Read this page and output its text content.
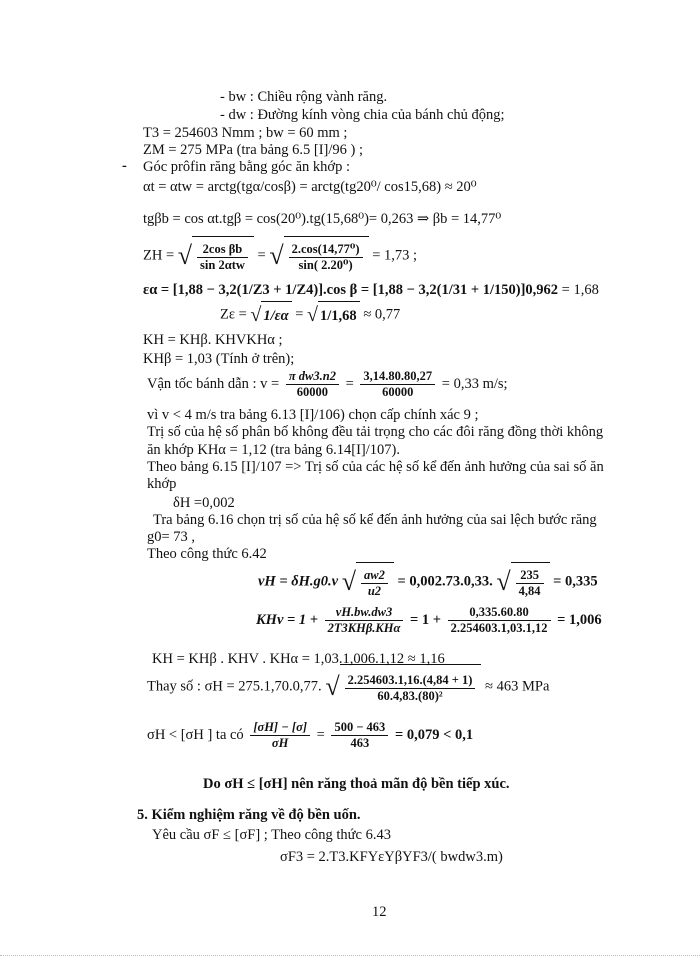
-
- bw : Chiều rộng vành răng.
- dw : Đường kính vòng chia của bánh chủ động;
T3 = 254603 Nmm ; bw = 60 mm ;
ZM = 275 MPa (tra bảng 6.5 [I]/96 ) ;
Góc prôfin răng bằng góc ăn khớp :
αt = αtw = arctg(tgα/cosβ) = arctg(tg20⁰/ cos15,68) ≈ 20⁰
tgβb = cos αt.tgβ = cos(20⁰).tg(15,68⁰)= 0,263 ⇒ βb = 14,77⁰
ZH = √ $\frac{\text{2cos βb}}{\text{sin 2αtw}}$ = √ $\frac{\text{2.cos(14,77⁰)}}{\text{sin( 2.20⁰)}} = 1,73$ ;
εα = [1,88 − 3,2(1/Z3 + 1/Z4)].cos β = [1,88 − 3,2(1/31 + 1/150)]0,962 = 1,68
Zε = √ 1/εα = √ 1/1,68 ≈ 0,77
KH = KHβ. KHVKHα ;
KHβ = 1,03 (Tính ở trên);
Vận tốc bánh dẫn : $v = \frac{\text{π dw3.n2}}{60000} = \frac{3,14.80.80,27}{60000} = 0,33$ m/s;
vì v < 4 m/s tra bảng 6.13 [I]/106) chọn cấp chính xác 9 ;
Trị số của hệ số phân bố không đều tải trọng cho các đôi răng đồng thời không
ăn khớp KHα = 1,12 (tra bảng 6.14[I]/107).
Theo bảng 6.15 [I]/107 => Trị số của các hệ số kể đến ảnh hưởng của sai số ăn
khớp
δH =0,002
Tra bảng 6.16 chọn trị số của hệ số kể đến ảnh hưởng của sai lệch bước răng
g0= 73 ,
Theo công thức 6.42
vH = δH.g0.v √ $\frac{aw2}{u2} = 0,002.73.0,33$. √ $\frac{235}{4,84} = 0,335$
KHv = $1 + \frac{vH.bw.dw3}{\text{2T3KHβ.KHα}} = 1 + \frac{0,335.60.80}{2.254603.1,03.1,12} = 1,006$
KH = KHβ . KHV . KHα = 1,03.1,006.1,12 ≈ 1,16
Thay số : σH = 275.1,70.0,77. √ $\frac{2.254603.1,16.(4,84 + 1)}{\text{60.4,83.(80)²}} \approx 463$ MPa
σH < [σH ] ta có $\frac{[\sigma H] - [\sigma]}{\sigma H} = \frac{500 - 463}{463} = 0,079 < 0,1$
Do σH ≤ [σH] nên răng thoả mãn độ bền tiếp xúc.
5. Kiểm nghiệm răng về độ bền uốn.
Yêu cầu σF ≤ [σF] ; Theo công thức 6.43
σF3 = 2.T3.KFYεYβYF3/( bwdw3.m)
12
